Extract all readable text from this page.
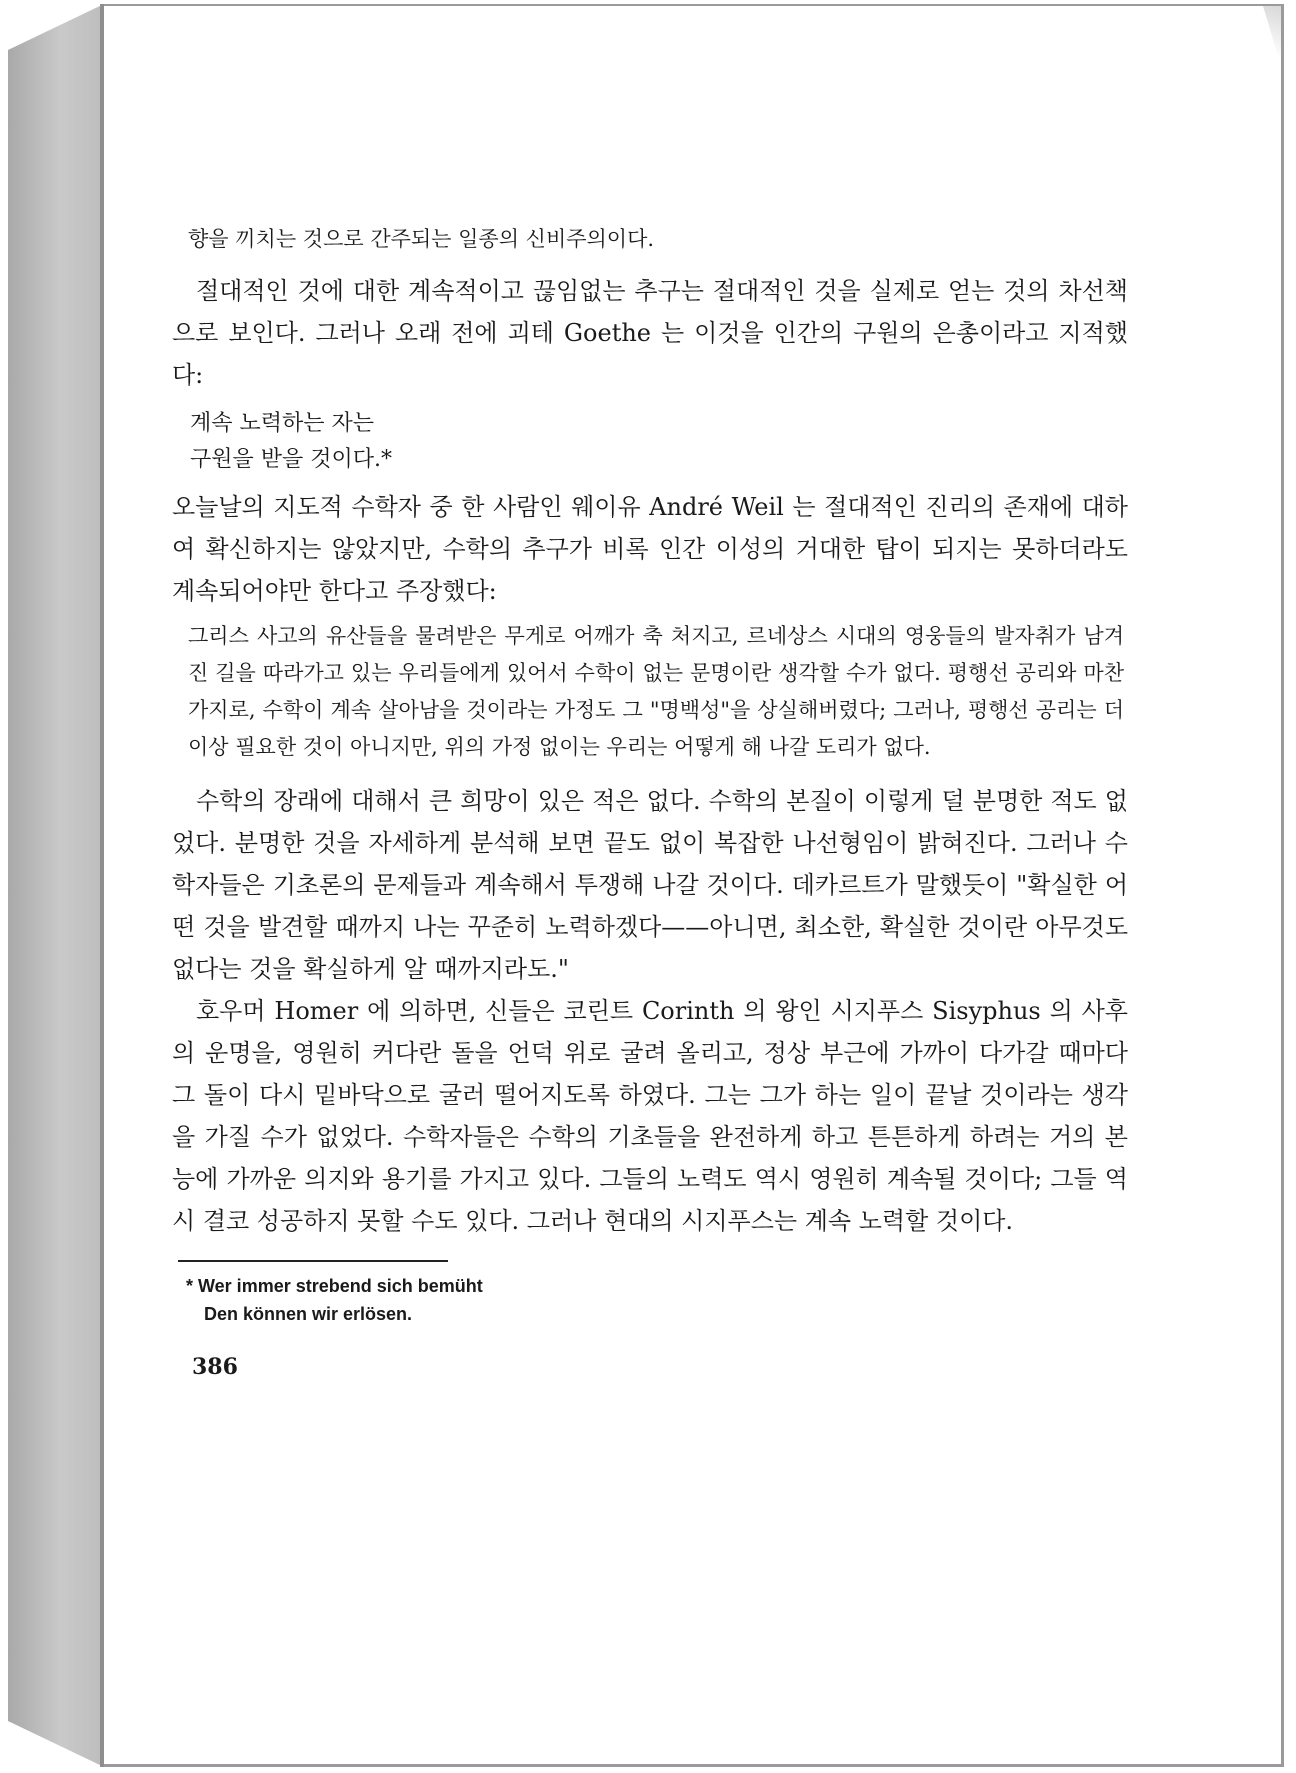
향을 끼치는 것으로 간주되는 일종의 신비주의이다.

절대적인 것에 대한 계속적이고 끊임없는 추구는 절대적인 것을 실제로 얻는 것의 차선책으로 보인다. 그러나 오래 전에 괴테 Goethe 는 이것을 인간의 구원의 은총이라고 지적했다:

계속 노력하는 자는
구원을 받을 것이다.*

오늘날의 지도적 수학자 중 한 사람인 웨이유 André Weil 는 절대적인 진리의 존재에 대하여 확신하지는 않았지만, 수학의 추구가 비록 인간 이성의 거대한 탑이 되지는 못하더라도 계속되어야만 한다고 주장했다:

그리스 사고의 유산들을 물려받은 무게로 어깨가 축 처지고, 르네상스 시대의 영웅들의 발자취가 남겨진 길을 따라가고 있는 우리들에게 있어서 수학이 없는 문명이란 생각할 수가 없다. 평행선 공리와 마찬가지로, 수학이 계속 살아남을 것이라는 가정도 그 "명백성"을 상실해버렸다; 그러나, 평행선 공리는 더 이상 필요한 것이 아니지만, 위의 가정 없이는 우리는 어떻게 해 나갈 도리가 없다.

수학의 장래에 대해서 큰 희망이 있은 적은 없다. 수학의 본질이 이렇게 덜 분명한 적도 없었다. 분명한 것을 자세하게 분석해 보면 끝도 없이 복잡한 나선형임이 밝혀진다. 그러나 수학자들은 기초론의 문제들과 계속해서 투쟁해 나갈 것이다. 데카르트가 말했듯이 "확실한 어떤 것을 발견할 때까지 나는 꾸준히 노력하겠다——아니면, 최소한, 확실한 것이란 아무것도 없다는 것을 확실하게 알 때까지라도."

호우머 Homer 에 의하면, 신들은 코린트 Corinth 의 왕인 시지푸스 Sisyphus 의 사후의 운명을, 영원히 커다란 돌을 언덕 위로 굴려 올리고, 정상 부근에 가까이 다가갈 때마다 그 돌이 다시 밑바닥으로 굴러 떨어지도록 하였다. 그는 그가 하는 일이 끝날 것이라는 생각을 가질 수가 없었다. 수학자들은 수학의 기초들을 완전하게 하고 튼튼하게 하려는 거의 본능에 가까운 의지와 용기를 가지고 있다. 그들의 노력도 역시 영원히 계속될 것이다; 그들 역시 결코 성공하지 못할 수도 있다. 그러나 현대의 시지푸스는 계속 노력할 것이다.

* Wer immer strebend sich bemüht
Den können wir erlösen.
386
